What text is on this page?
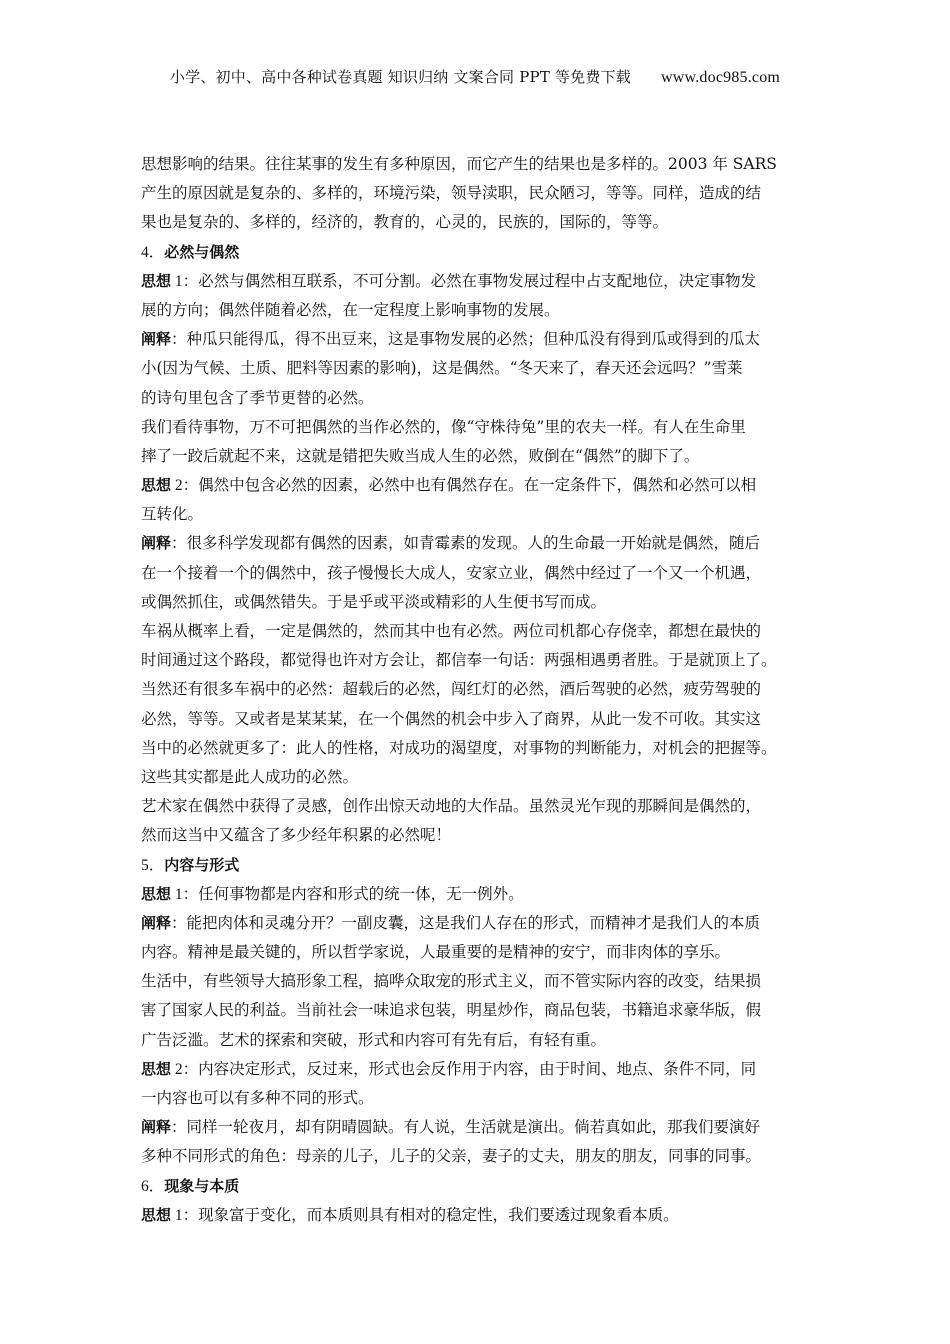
小学、初中、高中各种试卷真题 知识归纳 文案合同 PPT 等免费下载 www.doc985.com
思想影响的结果。往往某事的发生有多种原因，而它产生的结果也是多样的。2003 年 SARS
产生的原因就是复杂的、多样的，环境污染，领导渎职，民众陋习，等等。同样，造成的结
果也是复杂的、多样的，经济的，教育的，心灵的，民族的，国际的，等等。
4．必然与偶然
思想 1：必然与偶然相互联系，不可分割。必然在事物发展过程中占支配地位，决定事物发
展的方向；偶然伴随着必然，在一定程度上影响事物的发展。
阐释：种瓜只能得瓜，得不出豆来，这是事物发展的必然；但种瓜没有得到瓜或得到的瓜太
小(因为气候、土质、肥料等因素的影响)，这是偶然。“冬天来了，春天还会远吗？”雪莱
的诗句里包含了季节更替的必然。
我们看待事物，万不可把偶然的当作必然的，像“守株待兔”里的农夫一样。有人在生命里
摔了一跤后就起不来，这就是错把失败当成人生的必然，败倒在“偶然”的脚下了。
思想 2：偶然中包含必然的因素，必然中也有偶然存在。在一定条件下，偶然和必然可以相
互转化。
阐释：很多科学发现都有偶然的因素，如青霉素的发现。人的生命最一开始就是偶然，随后
在一个接着一个的偶然中，孩子慢慢长大成人，安家立业，偶然中经过了一个又一个机遇，
或偶然抓住，或偶然错失。于是乎或平淡或精彩的人生便书写而成。
车祸从概率上看，一定是偶然的，然而其中也有必然。两位司机都心存侥幸，都想在最快的
时间通过这个路段，都觉得也许对方会让，都信奉一句话：两强相遇勇者胜。于是就顶上了。
当然还有很多车祸中的必然：超载后的必然，闯红灯的必然，酒后驾驶的必然，疲劳驾驶的
必然，等等。又或者是某某某，在一个偶然的机会中步入了商界，从此一发不可收。其实这
当中的必然就更多了：此人的性格，对成功的渴望度，对事物的判断能力，对机会的把握等。
这些其实都是此人成功的必然。
艺术家在偶然中获得了灵感，创作出惊天动地的大作品。虽然灵光乍现的那瞬间是偶然的，
然而这当中又蕴含了多少经年积累的必然呢！
5．内容与形式
思想 1：任何事物都是内容和形式的统一体，无一例外。
阐释：能把肉体和灵魂分开？一副皮囊，这是我们人存在的形式，而精神才是我们人的本质
内容。精神是最关键的，所以哲学家说，人最重要的是精神的安宁，而非肉体的享乐。
生活中，有些领导大搞形象工程，搞哗众取宠的形式主义，而不管实际内容的改变，结果损
害了国家人民的利益。当前社会一味追求包装，明星炒作，商品包装，书籍追求豪华版，假
广告泛滥。艺术的探索和突破，形式和内容可有先有后，有轻有重。
思想 2：内容决定形式，反过来，形式也会反作用于内容，由于时间、地点、条件不同，同
一内容也可以有多种不同的形式。
阐释：同样一轮夜月，却有阴晴圆缺。有人说，生活就是演出。倘若真如此，那我们要演好
多种不同形式的角色：母亲的儿子，儿子的父亲，妻子的丈夫，朋友的朋友，同事的同事。
6．现象与本质
思想 1：现象富于变化，而本质则具有相对的稳定性，我们要透过现象看本质。
